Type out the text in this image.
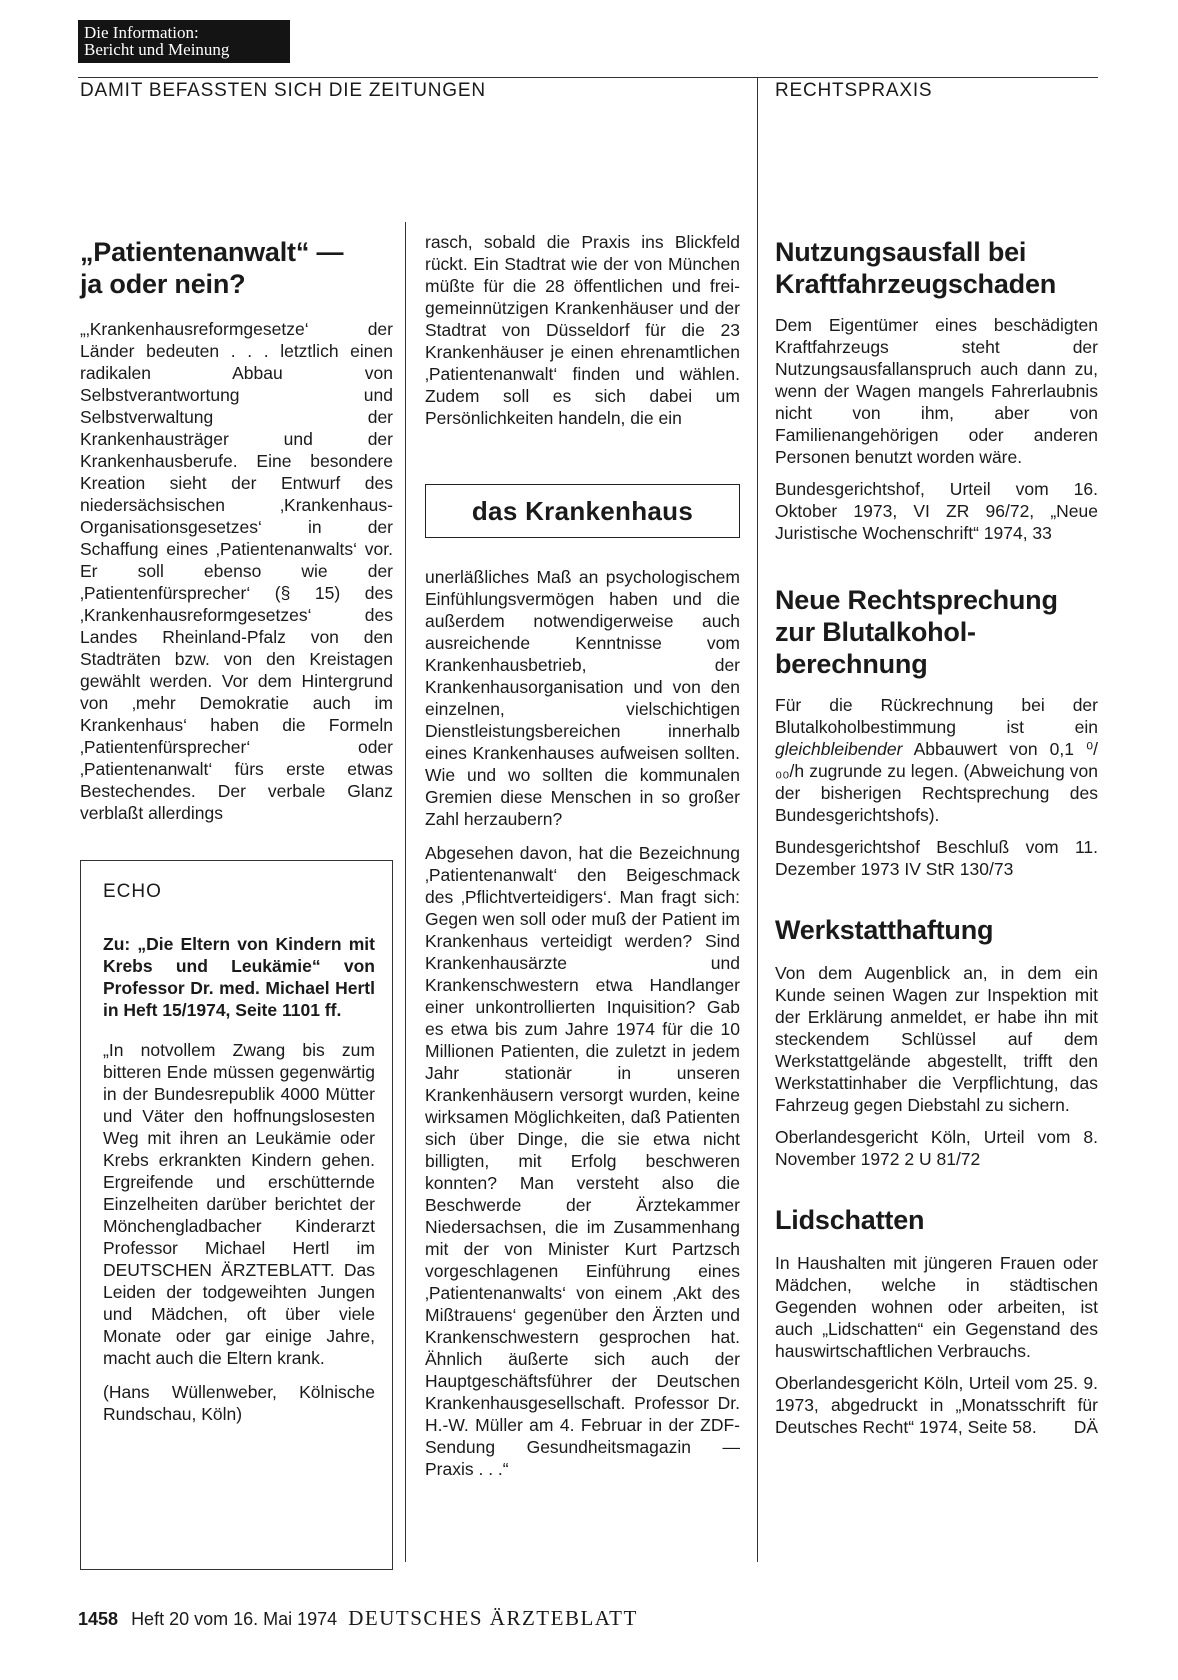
Die Information:
Bericht und Meinung
DAMIT BEFASSTEN SICH DIE ZEITUNGEN	RECHTSPRAXIS
„Patientenanwalt“ —
ja oder nein?

„‚Krankenhausreformgesetze‘ der Länder bedeuten . . . letztlich einen radikalen Abbau von Selbstverantwortung und Selbstverwaltung der Krankenhausträger und der Krankenhausberufe. Eine besondere Kreation sieht der Entwurf des niedersächsischen ‚Krankenhaus-Organisationsgesetzes‘ in der Schaffung eines ‚Patientenanwalts‘ vor. Er soll ebenso wie der ‚Patientenfürsprecher‘ (§ 15) des ‚Krankenhausreformgesetzes‘ des Landes Rheinland-Pfalz von den Stadträten bzw. von den Kreistagen gewählt werden. Vor dem Hintergrund von ‚mehr Demokratie auch im Krankenhaus‘ haben die Formeln ‚Patientenfürsprecher‘ oder ‚Patientenanwalt‘ fürs erste etwas Bestechendes. Der verbale Glanz verblaßt allerdings

ECHO
Zu: „Die Eltern von Kindern mit Krebs und Leukämie“ von Professor Dr. med. Michael Hertl in Heft 15/1974, Seite 1101 ff.

„In notvollem Zwang bis zum bitteren Ende müssen gegenwärtig in der Bundesrepublik 4000 Mütter und Väter den hoffnungslosesten Weg mit ihren an Leukämie oder Krebs erkrankten Kindern gehen. Ergreifende und erschütternde Einzelheiten darüber berichtet der Mönchengladbacher Kinderarzt Professor Michael Hertl im DEUTSCHEN ÄRZTEBLATT. Das Leiden der todgeweihten Jungen und Mädchen, oft über viele Monate oder gar einige Jahre, macht auch die Eltern krank.

(Hans Wüllenweber, Kölnische Rundschau, Köln)

rasch, sobald die Praxis ins Blickfeld rückt. Ein Stadtrat wie der von München müßte für die 28 öffentlichen und frei-gemeinnützigen Krankenhäuser und der Stadtrat von Düsseldorf für die 23 Krankenhäuser je einen ehrenamtlichen ‚Patientenanwalt‘ finden und wählen. Zudem soll es sich dabei um Persönlichkeiten handeln, die ein

das Krankenhaus

unerläßliches Maß an psychologischem Einfühlungsvermögen haben und die außerdem notwendigerweise auch ausreichende Kenntnisse vom Krankenhausbetrieb, der Krankenhausorganisation und von den einzelnen, vielschichtigen Dienstleistungsbereichen innerhalb eines Krankenhauses aufweisen sollten. Wie und wo sollten die kommunalen Gremien diese Menschen in so großer Zahl herzaubern?

Abgesehen davon, hat die Bezeichnung ‚Patientenanwalt‘ den Beigeschmack des ‚Pflichtverteidigers‘. Man fragt sich: Gegen wen soll oder muß der Patient im Krankenhaus verteidigt werden? Sind Krankenhausärzte und Krankenschwestern etwa Handlanger einer unkontrollierten Inquisition? Gab es etwa bis zum Jahre 1974 für die 10 Millionen Patienten, die zuletzt in jedem Jahr stationär in unseren Krankenhäusern versorgt wurden, keine wirksamen Möglichkeiten, daß Patienten sich über Dinge, die sie etwa nicht billigten, mit Erfolg beschweren konnten? Man versteht also die Beschwerde der Ärztekammer Niedersachsen, die im Zusammenhang mit der von Minister Kurt Partzsch vorgeschlagenen Einführung eines ‚Patientenanwalts‘ von einem ‚Akt des Mißtrauens‘ gegenüber den Ärzten und Krankenschwestern gesprochen hat. Ähnlich äußerte sich auch der Hauptgeschäftsführer der Deutschen Krankenhausgesellschaft. Professor Dr. H.-W. Müller am 4. Februar in der ZDF-Sendung Gesundheitsmagazin — Praxis . . .“

Nutzungsausfall bei
Kraftfahrzeugschaden

Dem Eigentümer eines beschädigten Kraftfahrzeugs steht der Nutzungsausfallanspruch auch dann zu, wenn der Wagen mangels Fahrerlaubnis nicht von ihm, aber von Familienangehörigen oder anderen Personen benutzt worden wäre.

Bundesgerichtshof, Urteil vom 16. Oktober 1973, VI ZR 96/72, „Neue Juristische Wochenschrift“ 1974, 33

Neue Rechtsprechung
zur Blutalkohol-
berechnung

Für die Rückrechnung bei der Blutalkoholbestimmung ist ein gleichbleibender Abbauwert von 0,1 ⁰/₀₀/h zugrunde zu legen. (Abweichung von der bisherigen Rechtsprechung des Bundesgerichtshofs).

Bundesgerichtshof Beschluß vom 11. Dezember 1973 IV StR 130/73

Werkstatthaftung

Von dem Augenblick an, in dem ein Kunde seinen Wagen zur Inspektion mit der Erklärung anmeldet, er habe ihn mit steckendem Schlüssel auf dem Werkstattgelände abgestellt, trifft den Werkstattinhaber die Verpflichtung, das Fahrzeug gegen Diebstahl zu sichern.

Oberlandesgericht Köln, Urteil vom 8. November 1972 2 U 81/72

Lidschatten

In Haushalten mit jüngeren Frauen oder Mädchen, welche in städtischen Gegenden wohnen oder arbeiten, ist auch „Lidschatten“ ein Gegenstand des hauswirtschaftlichen Verbrauchs.

Oberlandesgericht Köln, Urteil vom 25. 9. 1973, abgedruckt in „Monatsschrift für Deutsches Recht“ 1974, Seite 58. DÄ

1458 Heft 20 vom 16. Mai 1974 DEUTSCHES ÄRZTEBLATT
